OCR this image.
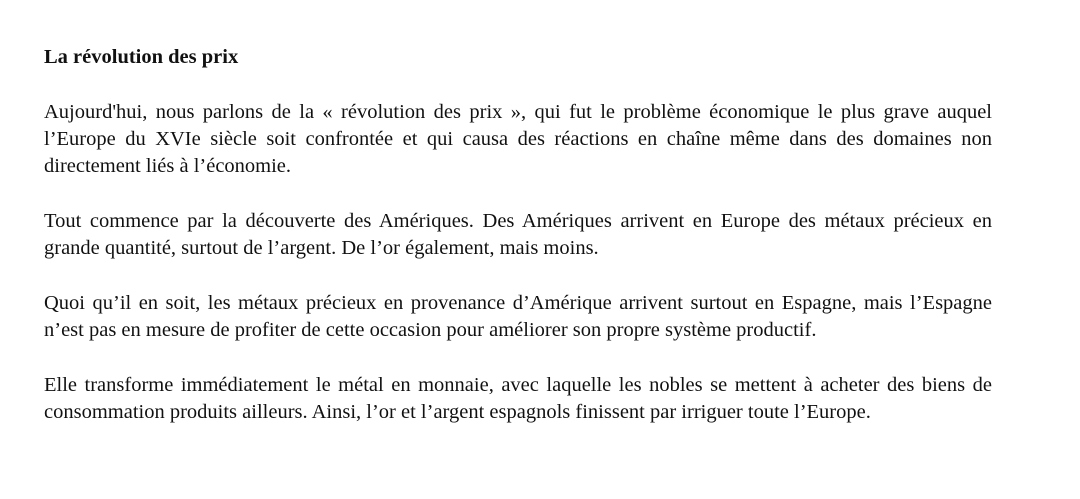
La révolution des prix

Aujourd'hui, nous parlons de la « révolution des prix », qui fut le problème économique le plus grave auquel l’Europe du XVIe siècle soit confrontée et qui causa des réactions en chaîne même dans des domaines non directement liés à l’économie.

Tout commence par la découverte des Amériques. Des Amériques arrivent en Europe des métaux précieux en grande quantité, surtout de l’argent. De l’or également, mais moins.

Quoi qu’il en soit, les métaux précieux en provenance d’Amérique arrivent surtout en Espagne, mais l’Espagne n’est pas en mesure de profiter de cette occasion pour améliorer son propre système productif.

Elle transforme immédiatement le métal en monnaie, avec laquelle les nobles se mettent à acheter des biens de consommation produits ailleurs. Ainsi, l’or et l’argent espagnols finissent par irriguer toute l’Europe.
